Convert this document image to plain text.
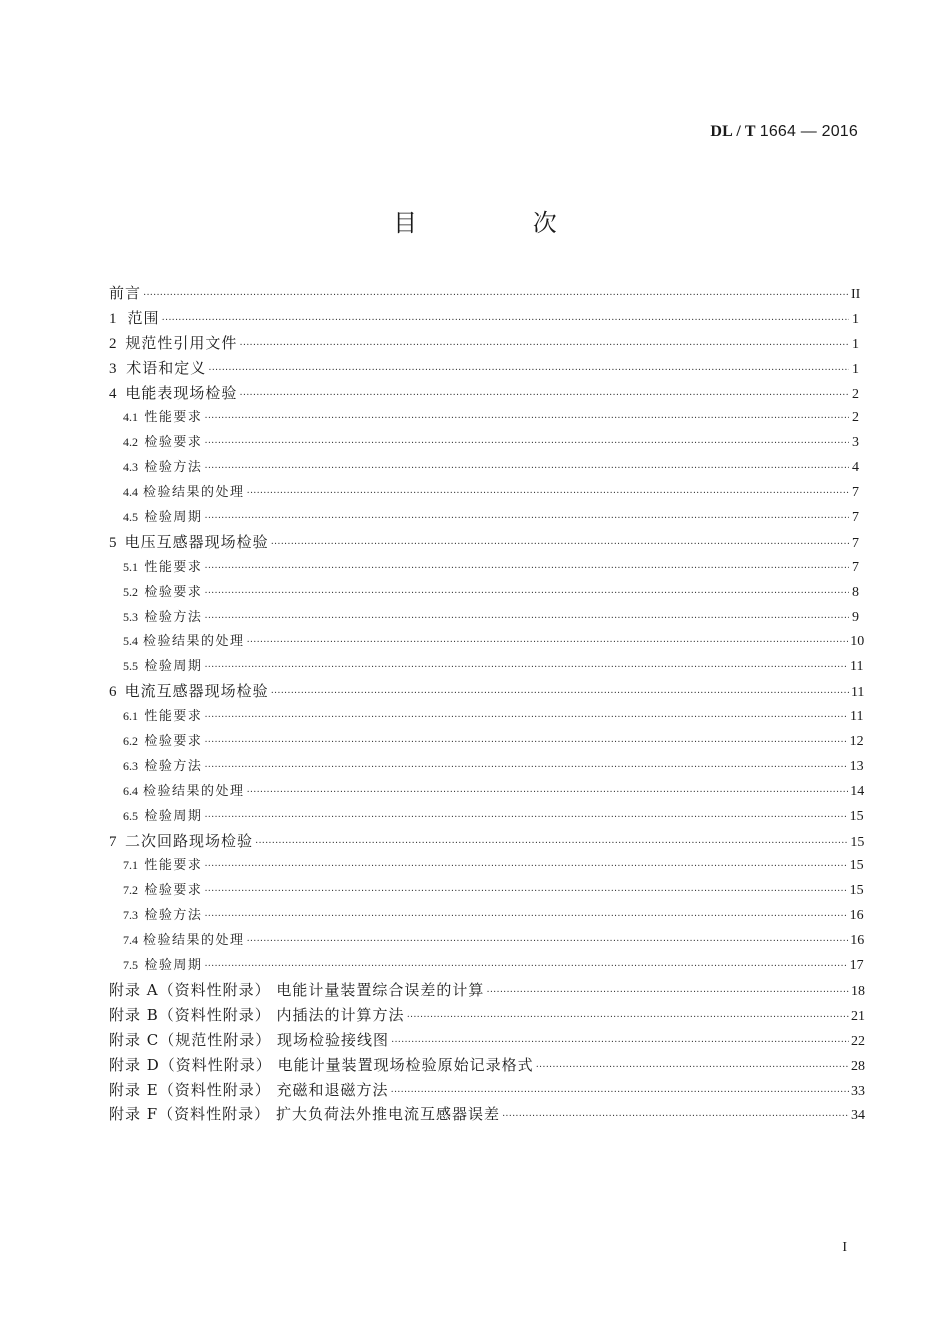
DL / T 1664 — 2016
目 次
前言 ·····	II
1 范围 ·····	1
2 规范性引用文件 ·····	1
3 术语和定义 ·····	1
4 电能表现场检验 ·····	2
4.1 性能要求 ·····	2
4.2 检验要求 ·····	3
4.3 检验方法 ·····	4
4.4 检验结果的处理 ·····	7
4.5 检验周期 ·····	7
5 电压互感器现场检验 ·····	7
5.1 性能要求 ·····	7
5.2 检验要求 ·····	8
5.3 检验方法 ·····	9
5.4 检验结果的处理 ·····	10
5.5 检验周期 ·····	11
6 电流互感器现场检验 ·····	11
6.1 性能要求 ·····	11
6.2 检验要求 ·····	12
6.3 检验方法 ·····	13
6.4 检验结果的处理 ·····	14
6.5 检验周期 ·····	15
7 二次回路现场检验 ·····	15
7.1 性能要求 ·····	15
7.2 检验要求 ·····	15
7.3 检验方法 ·····	16
7.4 检验结果的处理 ·····	16
7.5 检验周期 ·····	17
附录 A（资料性附录） 电能计量装置综合误差的计算 ·····	18
附录 B（资料性附录） 内插法的计算方法 ·····	21
附录 C（规范性附录） 现场检验接线图 ·····	22
附录 D（资料性附录） 电能计量装置现场检验原始记录格式 ·····	28
附录 E（资料性附录） 充磁和退磁方法 ·····	33
附录 F（资料性附录） 扩大负荷法外推电流互感器误差 ·····	34
I
